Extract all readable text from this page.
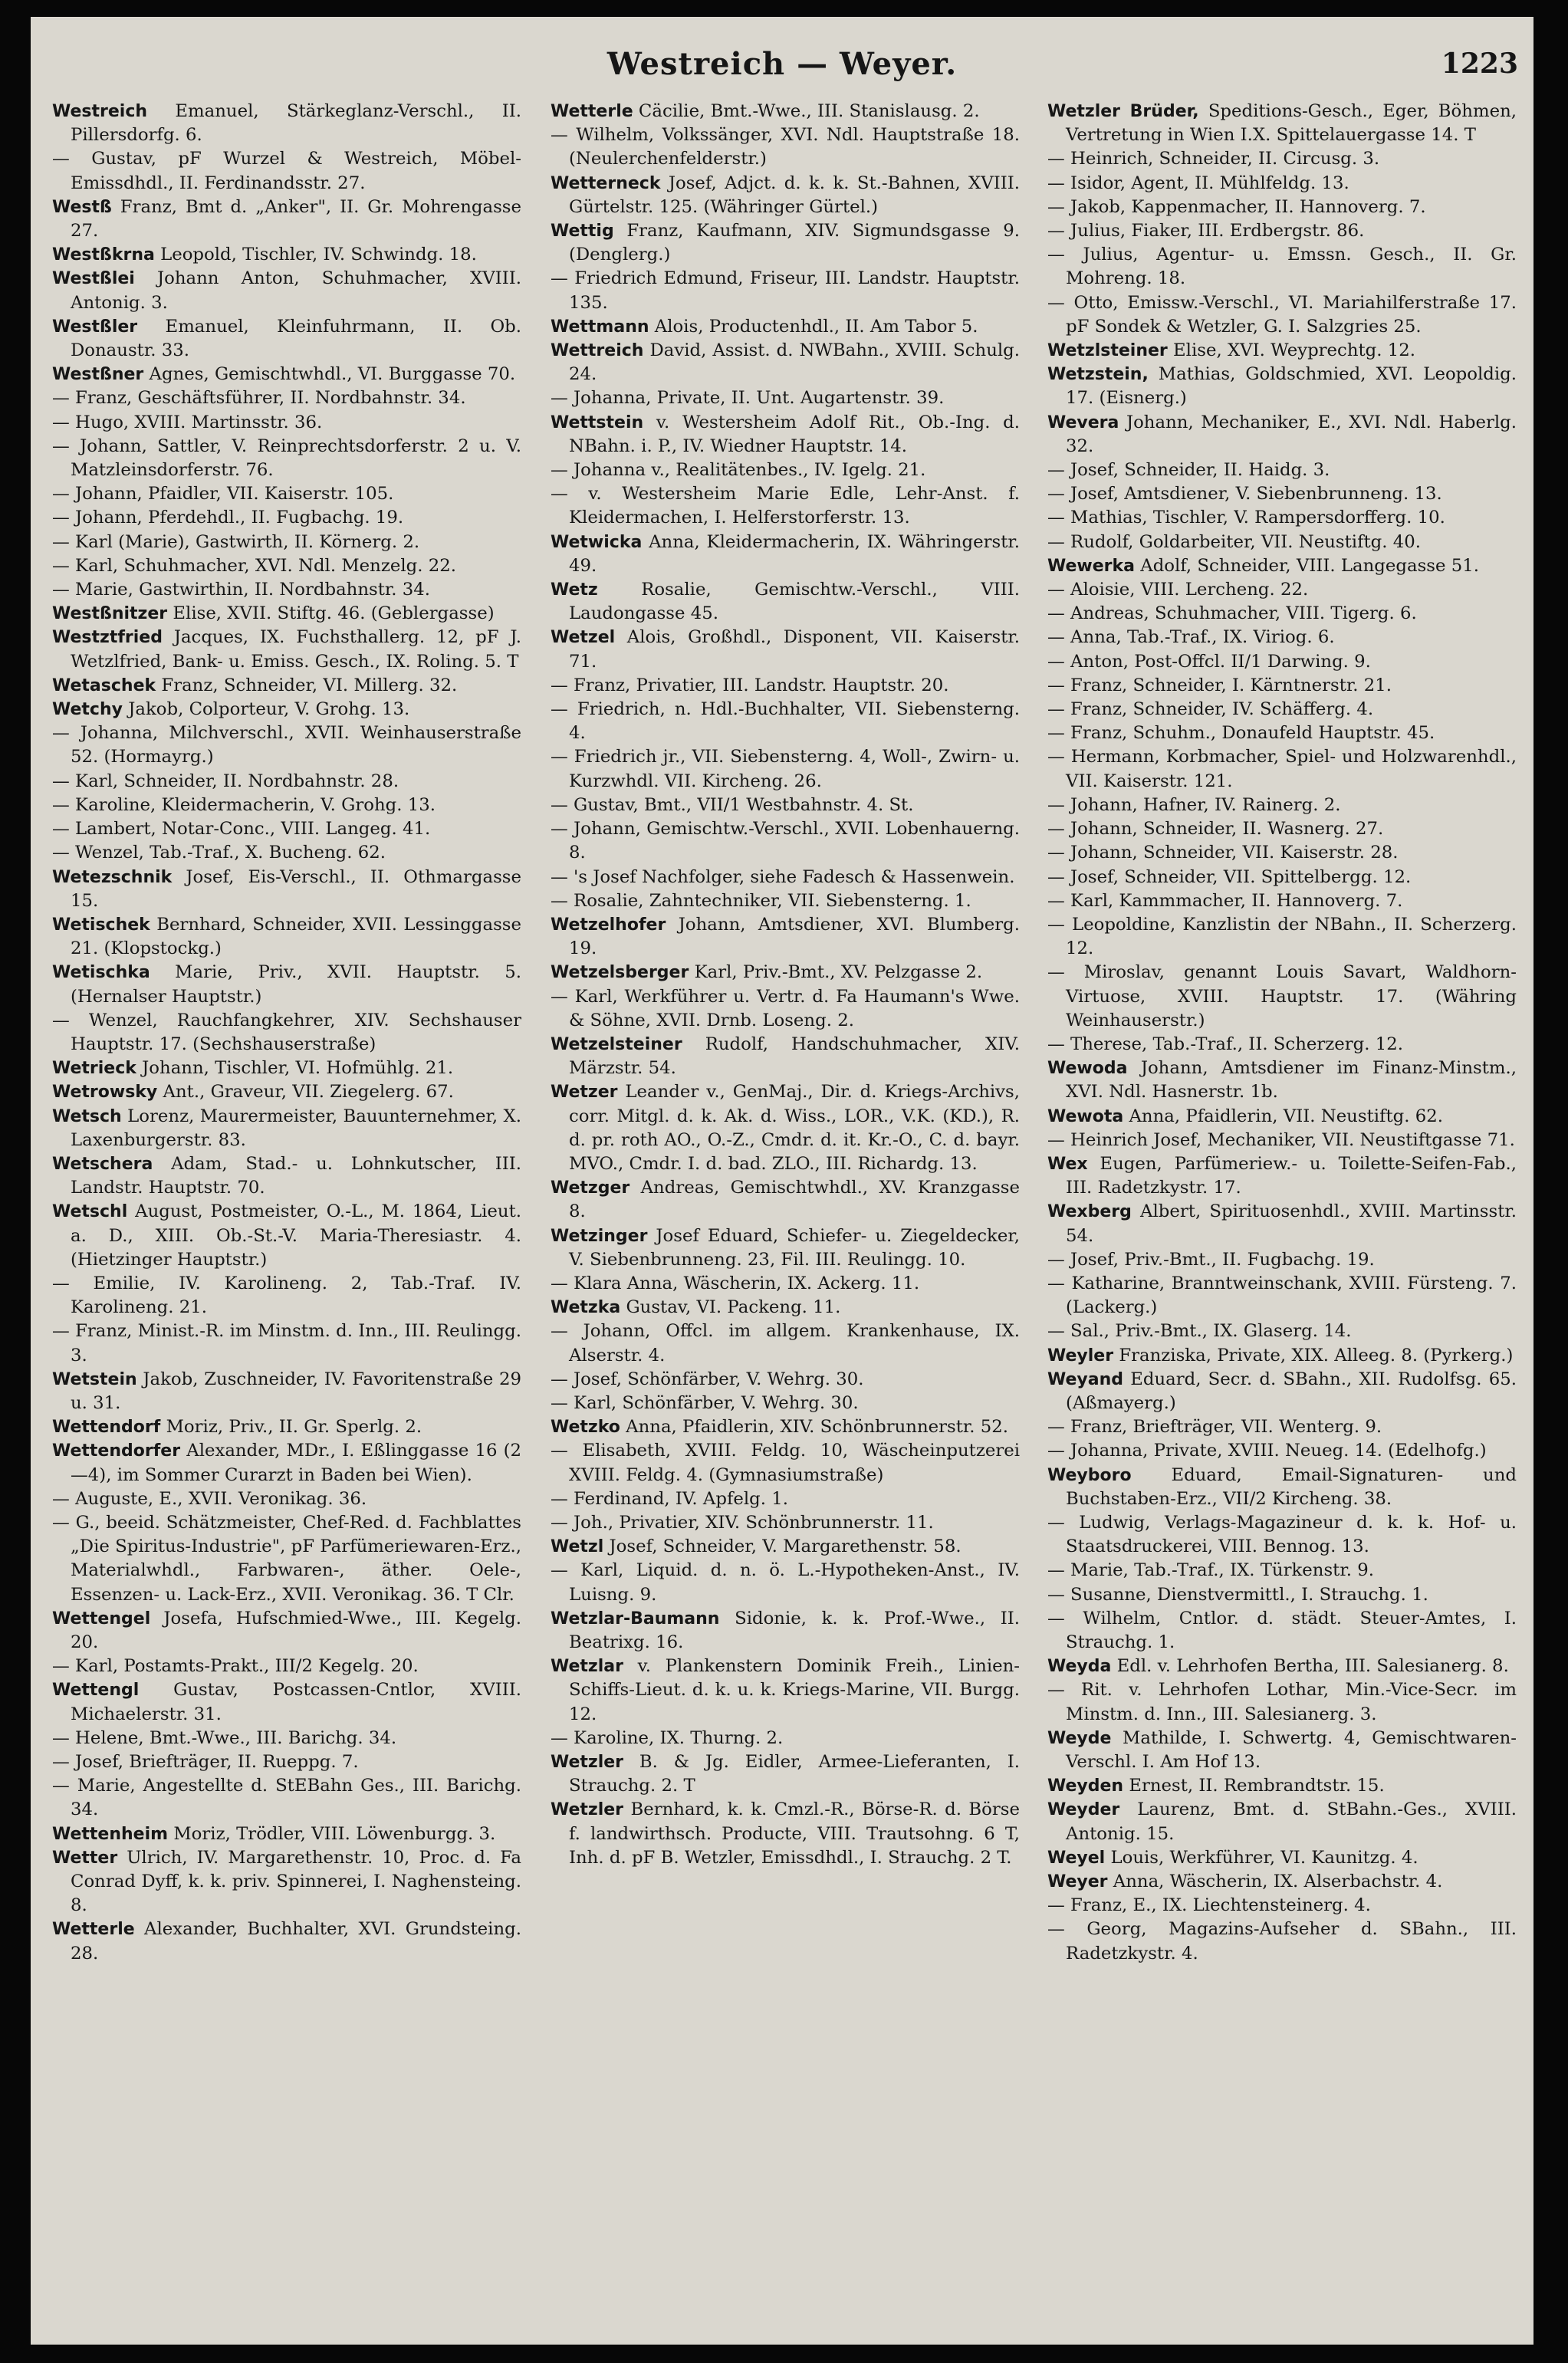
Westreich — Weyer.	1223
Westreich Emanuel, Stärkeglanz-Verschl., II. Pillersdorfg. 6.
— Gustav, pF Wurzel & Westreich, Möbel-Emissdhdl., II. Ferdinandsstr. 27.
Westß Franz, Bmt d. „Anker", II. Gr. Mohrengasse 27.
Westßkrna Leopold, Tischler, IV. Schwindg. 18.
Westßlei Johann Anton, Schuhmacher, XVIII. Antonig. 3.
Westßler Emanuel, Kleinfuhrmann, II. Ob. Donaustr. 33.
Westßner Agnes, Gemischtwhdl., VI. Burggasse 70.
— Franz, Geschäftsführer, II. Nordbahnstr. 34.
— Hugo, XVIII. Martinsstr. 36.
— Johann, Sattler, V. Reinprechtsdorferstr. 2 u. V. Matzleinsdorferstr. 76.
— Johann, Pfaidler, VII. Kaiserstr. 105.
— Johann, Pferdehdl., II. Fugbachg. 19.
— Karl (Marie), Gastwirth, II. Körnerg. 2.
— Karl, Schuhmacher, XVI. Ndl. Menzelg. 22.
— Marie, Gastwirthin, II. Nordbahnstr. 34.
Westßnitzer Elise, XVII. Stiftg. 46. (Geblergasse)
Westztfried Jacques, IX. Fuchsthallerg. 12, pF J. Wetzlfried, Bank- u. Emiss. Gesch., IX. Roling. 5. T
Wetaschek Franz, Schneider, VI. Millerg. 32.
Wetchy Jakob, Colporteur, V. Grohg. 13.
— Johanna, Milchverschl., XVII. Weinhauserstraße 52. (Hormayrg.)
— Karl, Schneider, II. Nordbahnstr. 28.
— Karoline, Kleidermacherin, V. Grohg. 13.
— Lambert, Notar-Conc., VIII. Langeg. 41.
— Wenzel, Tab.-Traf., X. Bucheng. 62.
Wetezschnik Josef, Eis-Verschl., II. Othmargasse 15.
Wetischek Bernhard, Schneider, XVII. Lessinggasse 21. (Klopstockg.)
Wetischka Marie, Priv., XVII. Hauptstr. 5. (Hernalser Hauptstr.)
— Wenzel, Rauchfangkehrer, XIV. Sechshauser Hauptstr. 17. (Sechshauserstraße)
Wetrieck Johann, Tischler, VI. Hofmühlg. 21.
Wetrowsky Ant., Graveur, VII. Ziegelerg. 67.
Wetsch Lorenz, Maurermeister, Bauunternehmer, X. Laxenburgerstr. 83.
Wetschera Adam, Stad.- u. Lohnkutscher, III. Landstr. Hauptstr. 70.
Wetschl August, Postmeister, O.-L., M. 1864, Lieut. a. D., XIII. Ob.-St.-V. Maria-Theresiastr. 4. (Hietzinger Hauptstr.)
— Emilie, IV. Karolineng. 2, Tab.-Traf. IV. Karolineng. 21.
— Franz, Minist.-R. im Minstm. d. Inn., III. Reulingg. 3.
Wetstein Jakob, Zuschneider, IV. Favoritenstraße 29 u. 31.
Wettendorf Moriz, Priv., II. Gr. Sperlg. 2.
Wettendorfer Alexander, MDr., I. Eßlinggasse 16 (2—4), im Sommer Curarzt in Baden bei Wien).
— Auguste, E., XVII. Veronikag. 36.
— G., beeid. Schätzmeister, Chef-Red. d. Fachblattes „Die Spiritus-Industrie", pF Parfümeriewaren-Erz., Materialwhdl., Farbwaren-, äther. Oele-, Essenzen- u. Lack-Erz., XVII. Veronikag. 36. T Clr.
Wettengel Josefa, Hufschmied-Wwe., III. Kegelg. 20.
— Karl, Postamts-Prakt., III/2 Kegelg. 20.
Wettengl Gustav, Postcassen-Cntlor, XVIII. Michaelerstr. 31.
— Helene, Bmt.-Wwe., III. Barichg. 34.
— Josef, Briefträger, II. Rueppg. 7.
— Marie, Angestellte d. StEBahn Ges., III. Barichg. 34.
Wettenheim Moriz, Trödler, VIII. Löwenburgg. 3.
Wetter Ulrich, IV. Margarethenstr. 10, Proc. d. Fa Conrad Dyff, k. k. priv. Spinnerei, I. Naghensteing. 8.
Wetterle Alexander, Buchhalter, XVI. Grundsteing. 28.
Wetterle Cäcilie, Bmt.-Wwe., III. Stanislausg. 2.
— Wilhelm, Volkssänger, XVI. Ndl. Hauptstraße 18. (Neulerchenfelderstr.)
Wetterneck Josef, Adjct. d. k. k. St.-Bahnen, XVIII. Gürtelstr. 125. (Währinger Gürtel.)
Wettig Franz, Kaufmann, XIV. Sigmundsgasse 9. (Denglerg.)
— Friedrich Edmund, Friseur, III. Landstr. Hauptstr. 135.
Wettmann Alois, Productenhdl., II. Am Tabor 5.
Wettreich David, Assist. d. NWBahn., XVIII. Schulg. 24.
— Johanna, Private, II. Unt. Augartenstr. 39.
Wettstein v. Westersheim Adolf Rit., Ob.-Ing. d. NBahn. i. P., IV. Wiedner Hauptstr. 14.
— Johanna v., Realitätenbes., IV. Igelg. 21.
— v. Westersheim Marie Edle, Lehr-Anst. f. Kleidermachen, I. Helferstorferstr. 13.
Wetwicka Anna, Kleidermacherin, IX. Währingerstr. 49.
Wetz Rosalie, Gemischtw.-Verschl., VIII. Laudongasse 45.
Wetzel Alois, Großhdl., Disponent, VII. Kaiserstr. 71.
— Franz, Privatier, III. Landstr. Hauptstr. 20.
— Friedrich, n. Hdl.-Buchhalter, VII. Siebensterng. 4.
— Friedrich jr., VII. Siebensterng. 4, Woll-, Zwirn- u. Kurzwhdl. VII. Kircheng. 26.
— Gustav, Bmt., VII/1 Westbahnstr. 4. St.
— Johann, Gemischtw.-Verschl., XVII. Lobenhauerng. 8.
— 's Josef Nachfolger, siehe Fadesch & Hassenwein.
— Rosalie, Zahntechniker, VII. Siebensterng. 1.
Wetzelhofer Johann, Amtsdiener, XVI. Blumberg. 19.
Wetzelsberger Karl, Priv.-Bmt., XV. Pelzgasse 2.
— Karl, Werkführer u. Vertr. d. Fa Haumann's Wwe. & Söhne, XVII. Drnb. Loseng. 2.
Wetzelsteiner Rudolf, Handschuhmacher, XIV. Märzstr. 54.
Wetzer Leander v., GenMaj., Dir. d. Kriegs-Archivs, corr. Mitgl. d. k. Ak. d. Wiss., LOR., V.K. (KD.), R. d. pr. roth AO., O.-Z., Cmdr. d. it. Kr.-O., C. d. bayr. MVO., Cmdr. I. d. bad. ZLO., III. Richardg. 13.
Wetzger Andreas, Gemischtwhdl., XV. Kranzgasse 8.
Wetzinger Josef Eduard, Schiefer- u. Ziegeldecker, V. Siebenbrunneng. 23, Fil. III. Reulingg. 10.
— Klara Anna, Wäscherin, IX. Ackerg. 11.
Wetzka Gustav, VI. Packeng. 11.
— Johann, Offcl. im allgem. Krankenhause, IX. Alserstr. 4.
— Josef, Schönfärber, V. Wehrg. 30.
— Karl, Schönfärber, V. Wehrg. 30.
Wetzko Anna, Pfaidlerin, XIV. Schönbrunnerstr. 52.
— Elisabeth, XVIII. Feldg. 10, Wäscheinputzerei XVIII. Feldg. 4. (Gymnasiumstraße)
— Ferdinand, IV. Apfelg. 1.
— Joh., Privatier, XIV. Schönbrunnerstr. 11.
Wetzl Josef, Schneider, V. Margarethenstr. 58.
— Karl, Liquid. d. n. ö. L.-Hypotheken-Anst., IV. Luisng. 9.
Wetzlar-Baumann Sidonie, k. k. Prof.-Wwe., II. Beatrixg. 16.
Wetzlar v. Plankenstern Dominik Freih., Linien-Schiffs-Lieut. d. k. u. k. Kriegs-Marine, VII. Burgg. 12.
— Karoline, IX. Thurng. 2.
Wetzler B. & Jg. Eidler, Armee-Lieferanten, I. Strauchg. 2. T
Wetzler Bernhard, k. k. Cmzl.-R., Börse-R. d. Börse f. landwirthsch. Producte, VIII. Trautsohng. 6 T, Inh. d. pF B. Wetzler, Emissdhdl., I. Strauchg. 2 T.
Wetzler Brüder, Speditions-Gesch., Eger, Böhmen, Vertretung in Wien I.X. Spittelauergasse 14. T
— Heinrich, Schneider, II. Circusg. 3.
— Isidor, Agent, II. Mühlfeldg. 13.
— Jakob, Kappenmacher, II. Hannoverg. 7.
— Julius, Fiaker, III. Erdbergstr. 86.
— Julius, Agentur- u. Emssn. Gesch., II. Gr. Mohreng. 18.
— Otto, Emissw.-Verschl., VI. Mariahilferstraße 17. pF Sondek & Wetzler, G. I. Salzgries 25.
Wetzlsteiner Elise, XVI. Weyprechtg. 12.
Wetzstein, Mathias, Goldschmied, XVI. Leopoldig. 17. (Eisnerg.)
Wevera Johann, Mechaniker, E., XVI. Ndl. Haberlg. 32.
— Josef, Schneider, II. Haidg. 3.
— Josef, Amtsdiener, V. Siebenbrunneng. 13.
— Mathias, Tischler, V. Rampersdorfferg. 10.
— Rudolf, Goldarbeiter, VII. Neustiftg. 40.
Wewerka Adolf, Schneider, VIII. Langegasse 51.
— Aloisie, VIII. Lercheng. 22.
— Andreas, Schuhmacher, VIII. Tigerg. 6.
— Anna, Tab.-Traf., IX. Viriog. 6.
— Anton, Post-Offcl. II/1 Darwing. 9.
— Franz, Schneider, I. Kärntnerstr. 21.
— Franz, Schneider, IV. Schäfferg. 4.
— Franz, Schuhm., Donaufeld Hauptstr. 45.
— Hermann, Korbmacher, Spiel- und Holzwarenhdl., VII. Kaiserstr. 121.
— Johann, Hafner, IV. Rainerg. 2.
— Johann, Schneider, II. Wasnerg. 27.
— Johann, Schneider, VII. Kaiserstr. 28.
— Josef, Schneider, VII. Spittelbergg. 12.
— Karl, Kammmacher, II. Hannoverg. 7.
— Leopoldine, Kanzlistin der NBahn., II. Scherzerg. 12.
— Miroslav, genannt Louis Savart, Waldhorn-Virtuose, XVIII. Hauptstr. 17. (Währing Weinhauserstr.)
— Therese, Tab.-Traf., II. Scherzerg. 12.
Wewoda Johann, Amtsdiener im Finanz-Minstm., XVI. Ndl. Hasnerstr. 1b.
Wewota Anna, Pfaidlerin, VII. Neustiftg. 62.
— Heinrich Josef, Mechaniker, VII. Neustiftgasse 71.
Wex Eugen, Parfümeriew.- u. Toilette-Seifen-Fab., III. Radetzkystr. 17.
Wexberg Albert, Spirituosenhdl., XVIII. Martinsstr. 54.
— Josef, Priv.-Bmt., II. Fugbachg. 19.
— Katharine, Branntweinschank, XVIII. Fürsteng. 7. (Lackerg.)
— Sal., Priv.-Bmt., IX. Glaserg. 14.
Weyler Franziska, Private, XIX. Alleeg. 8. (Pyrkerg.)
Weyand Eduard, Secr. d. SBahn., XII. Rudolfsg. 65. (Aßmayerg.)
— Franz, Briefträger, VII. Wenterg. 9.
— Johanna, Private, XVIII. Neueg. 14. (Edelhofg.)
Weyboro Eduard, Email-Signaturen- und Buchstaben-Erz., VII/2 Kircheng. 38.
— Ludwig, Verlags-Magazineur d. k. k. Hof- u. Staatsdruckerei, VIII. Bennog. 13.
— Marie, Tab.-Traf., IX. Türkenstr. 9.
— Susanne, Dienstvermittl., I. Strauchg. 1.
— Wilhelm, Cntlor. d. städt. Steuer-Amtes, I. Strauchg. 1.
Weyda Edl. v. Lehrhofen Bertha, III. Salesianerg. 8.
— Rit. v. Lehrhofen Lothar, Min.-Vice-Secr. im Minstm. d. Inn., III. Salesianerg. 3.
Weyde Mathilde, I. Schwertg. 4, Gemischtwaren-Verschl. I. Am Hof 13.
Weyden Ernest, II. Rembrandtstr. 15.
Weyder Laurenz, Bmt. d. StBahn.-Ges., XVIII. Antonig. 15.
Weyel Louis, Werkführer, VI. Kaunitzg. 4.
Weyer Anna, Wäscherin, IX. Alserbachstr. 4.
— Franz, E., IX. Liechtensteinerg. 4.
— Georg, Magazins-Aufseher d. SBahn., III. Radetzkystr. 4.
